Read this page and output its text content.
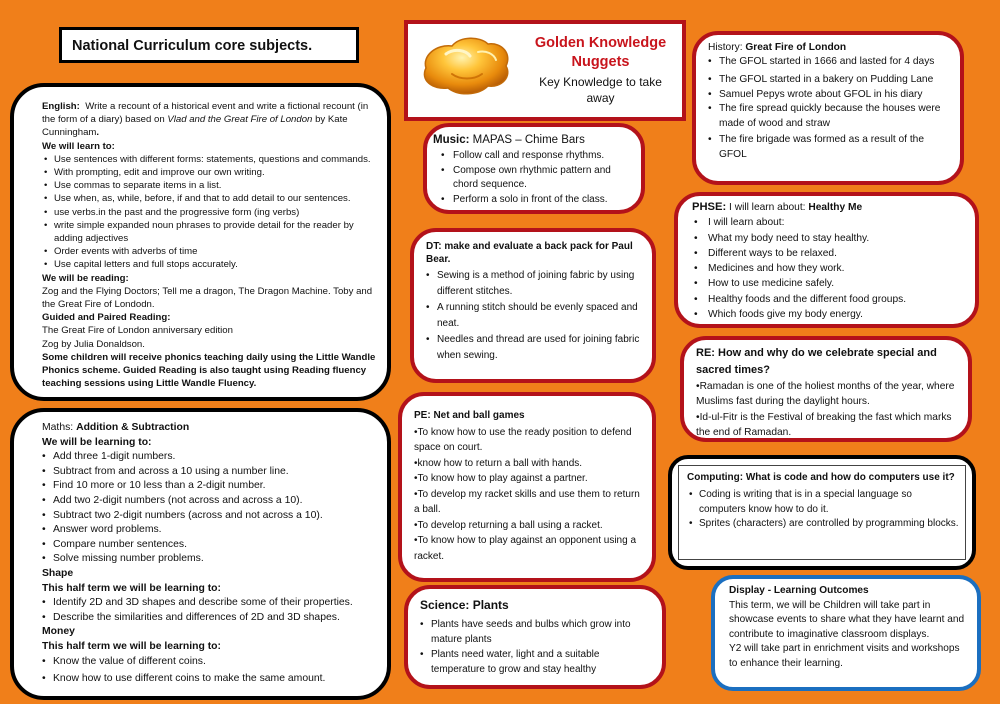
National Curriculum core subjects.

English: Write a recount of a historical event and write a fictional recount (in the form of a diary) based on Vlad and the Great Fire of London by Kate Cunningham.

We will learn to:

• Use sentences with different forms: statements, questions and commands.
• With prompting, edit and improve our own writing.
• Use commas to separate items in a list.
• Use when, as, while, before, if and that to add detail to our sentences.
• use verbs.in the past and the progressive form (ing verbs)
• write simple expanded noun phrases to provide detail for the reader by adding adjectives
• Order events with adverbs of time
• Use capital letters and full stops accurately.

We will be reading:

Zog and the Flying Doctors; Tell me a dragon, The Dragon Machine. Toby and the Great Fire of Londodn.

Guided and Paired Reading:

The Great Fire of London anniversary edition

Zog by Julia Donaldson.

Some children will receive phonics teaching daily using the Little Wandle Phonics scheme. Guided Reading is also taught using Reading fluency teaching sessions using Little Wandle Fluency.

Maths: Addition & Subtraction

We will be learning to:

• Add three 1-digit numbers.
• Subtract from and across a 10 using a number line.
• Find 10 more or 10 less than a 2-digit number.
• Add two 2-digit numbers (not across and across a 10).
• Subtract two 2-digit numbers (across and not across a 10).
• Answer word problems.
• Compare number sentences.
• Solve missing number problems.

Shape

This half term we will be learning to:

• Identify 2D and 3D shapes and describe some of their properties.
• Describe the similarities and differences of 2D and 3D shapes.

Money

This half term we will be learning to:

• Know the value of different coins.
• Know how to use different coins to make the same amount.
Golden Knowledge
Nuggets
Key Knowledge to take
away

Music: MAPAS – Chime Bars

• Follow call and response rhythms.
• Compose own rhythmic pattern and chord sequence.
• Perform a solo in front of the class.

DT: make and evaluate a back pack for Paul Bear.

• Sewing is a method of joining fabric by using different stitches.
• A running stitch should be evenly spaced and neat.
• Needles and thread are used for joining fabric when sewing.

PE: Net and ball games

•To know how to use the ready position to defend space on court.

•know how to return a ball with hands.

•To know how to play against a partner.

•To develop my racket skills and use them to return a ball.

•To develop returning a ball using a racket.

•To know how to play against an opponent using a racket.

Science: Plants

• Plants have seeds and bulbs which grow into mature plants
• Plants need water, light and a suitable temperature to grow and stay healthy

History: Great Fire of London

• The GFOL started in 1666 and lasted for 4 days
• The GFOL started in a bakery on Pudding Lane
• Samuel Pepys wrote about GFOL in his diary
• The fire spread quickly because the houses were made of wood and straw
• The fire brigade was formed as a result of the GFOL

PHSE: I will learn about: Healthy Me

• I will learn about:
• What my body need to stay healthy.
• Different ways to be relaxed.
• Medicines and how they work.
• How to use medicine safely.
• Healthy foods and the different food groups.
• Which foods give my body energy.

RE: How and why do we celebrate special and sacred times?

•Ramadan is one of the holiest months of the year, where Muslims fast during the daylight hours.

•Id-ul-Fitr is the Festival of breaking the fast which marks the end of Ramadan.

Computing: What is code and how do computers use it?

• Coding is writing that is in a special language so computers know how to do it.
• Sprites (characters) are controlled by programming blocks.

Display - Learning Outcomes

This term, we will be Children will take part in showcase events to share what they have learnt and contribute to imaginative classroom displays.

Y2 will take part in enrichment visits and workshops to enhance their learning.
